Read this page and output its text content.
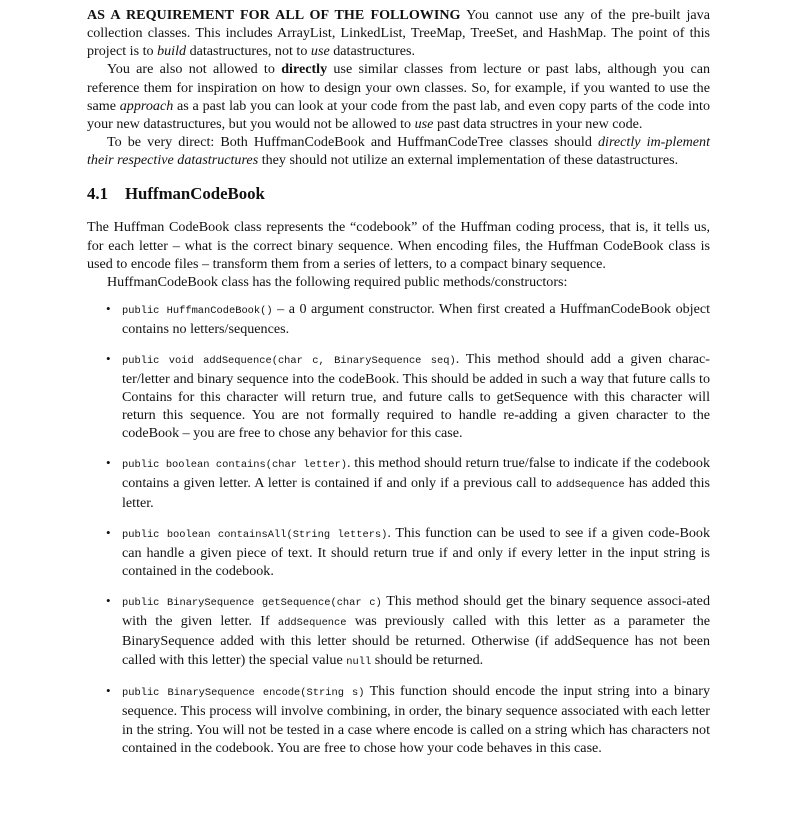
AS A REQUIREMENT FOR ALL OF THE FOLLOWING You cannot use any of the pre-built java collection classes. This includes ArrayList, LinkedList, TreeMap, TreeSet, and HashMap. The point of this project is to build datastructures, not to use datastructures.

You are also not allowed to directly use similar classes from lecture or past labs, although you can reference them for inspiration on how to design your own classes. So, for example, if you wanted to use the same approach as a past lab you can look at your code from the past lab, and even copy parts of the code into your new datastructures, but you would not be allowed to use past data structres in your new code.

To be very direct: Both HuffmanCodeBook and HuffmanCodeTree classes should directly im-plement their respective datastructures they should not utilize an external implementation of these datastructures.

4.1 HuffmanCodeBook

The Huffman CodeBook class represents the “codebook” of the Huffman coding process, that is, it tells us, for each letter – what is the correct binary sequence. When encoding files, the Huffman CodeBook class is used to encode files – transform them from a series of letters, to a compact binary sequence.

HuffmanCodeBook class has the following required public methods/constructors:

• public HuffmanCodeBook() – a 0 argument constructor. When first created a HuffmanCodeBook object contains no letters/sequences.

• public void addSequence(char c, BinarySequence seq). This method should add a given charac-ter/letter and binary sequence into the codeBook. This should be added in such a way that future calls to Contains for this character will return true, and future calls to getSequence with this character will return this sequence. You are not formally required to handle re-adding a given character to the codeBook – you are free to chose any behavior for this case.

• public boolean contains(char letter). this method should return true/false to indicate if the codebook contains a given letter. A letter is contained if and only if a previous call to addSequence has added this letter.

• public boolean containsAll(String letters). This function can be used to see if a given code-Book can handle a given piece of text. It should return true if and only if every letter in the input string is contained in the codebook.

• public BinarySequence getSequence(char c) This method should get the binary sequence associ-ated with the given letter. If addSequence was previously called with this letter as a parameter the BinarySequence added with this letter should be returned. Otherwise (if addSequence has not been called with this letter) the special value null should be returned.

• public BinarySequence encode(String s) This function should encode the input string into a binary sequence. This process will involve combining, in order, the binary sequence associated with each letter in the string. You will not be tested in a case where encode is called on a string which has characters not contained in the codebook. You are free to chose how your code behaves in this case.
